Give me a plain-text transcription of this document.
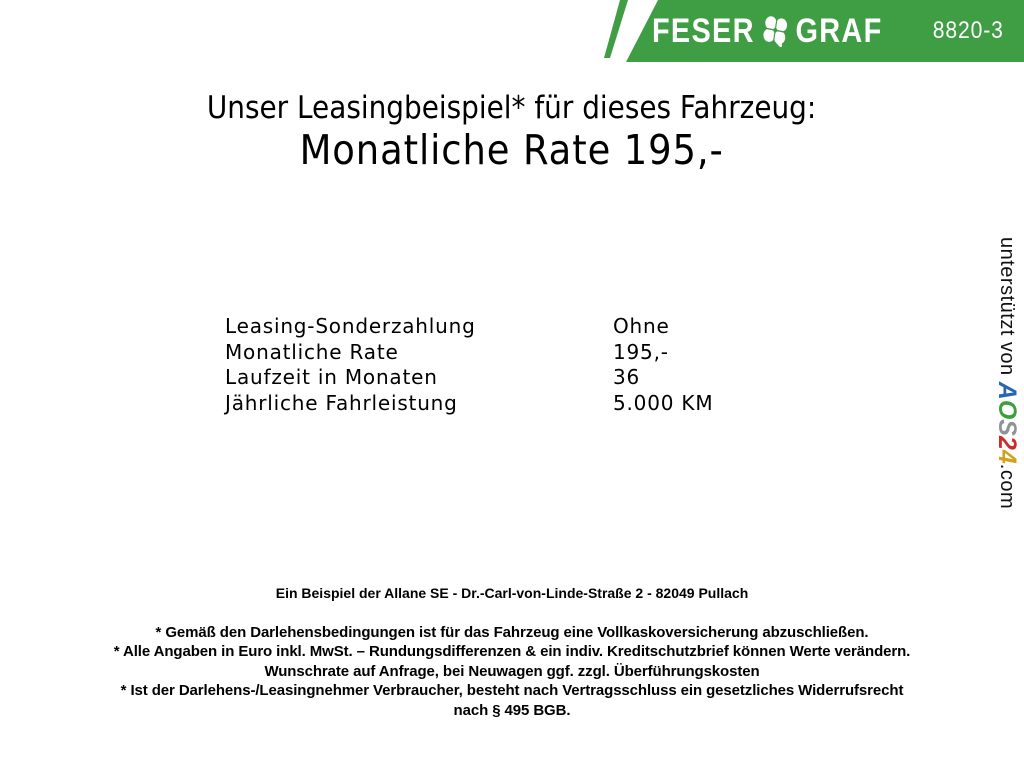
FESER GRAF 8820-3
Unser Leasingbeispiel* für dieses Fahrzeug:
Monatliche Rate 195,-
Leasing-Sonderzahlung	Ohne
Monatliche Rate	195,-
Laufzeit in Monaten	36
Jährliche Fahrleistung	5.000 KM
unterstützt von AOS24.com
Ein Beispiel der Allane SE - Dr.-Carl-von-Linde-Straße 2 - 82049 Pullach
* Gemäß den Darlehensbedingungen ist für das Fahrzeug eine Vollkaskoversicherung abzuschließen.
* Alle Angaben in Euro inkl. MwSt. – Rundungsdifferenzen & ein indiv. Kreditschutzbrief können Werte verändern.
Wunschrate auf Anfrage, bei Neuwagen ggf. zzgl. Überführungskosten
* Ist der Darlehens-/Leasingnehmer Verbraucher, besteht nach Vertragsschluss ein gesetzliches Widerrufsrecht
nach § 495 BGB.
